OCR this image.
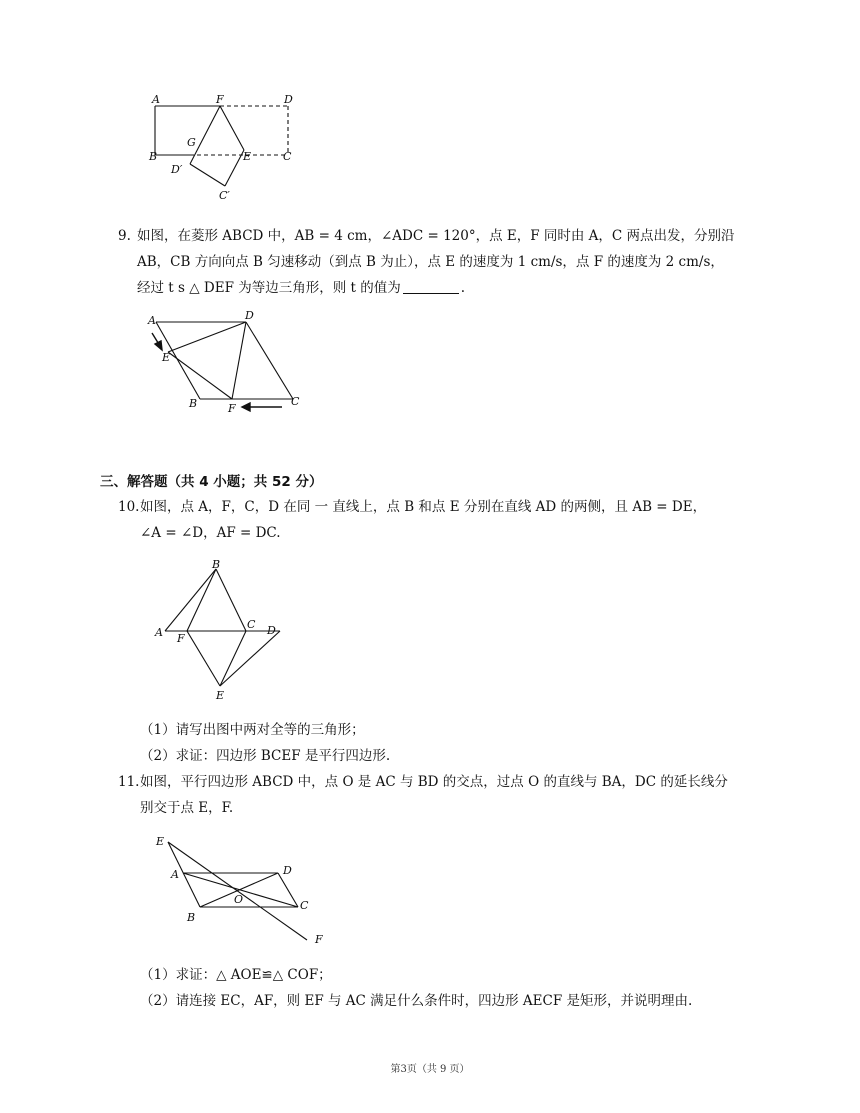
A	F	D
G
B	E	C
D′
C′
9. 如图，在菱形 ABCD 中，AB = 4 cm，∠ADC = 120°，点 E，F 同时由 A，C 两点出发，分别沿
AB，CB 方向向点 B 匀速移动（到点 B 为止），点 E 的速度为 1 cm/s，点 F 的速度为 2 cm/s，
经过 t s △ DEF 为等边三角形，则 t 的值为	.
A	D
E
B	F
C
三、解答题（共 4 小题；共 52 分）
10. 如图，点 A，F，C，D 在同 一 直线上，点 B 和点 E 分别在直线 AD 的两侧，且 AB = DE，
∠A = ∠D，AF = DC.
B
A F
C D
E
（1）请写出图中两对全等的三角形；
（2）求证：四边形 BCEF 是平行四边形.
11. 如图，平行四边形 ABCD 中，点 O 是 AC 与 BD 的交点，过点 O 的直线与 BA，DC 的延长线分
别交于点 E，F.
E
A	D
O	C
B
F
（1）求证：△ AOE≌△ COF；
（2）请连接 EC，AF，则 EF 与 AC 满足什么条件时，四边形 AECF 是矩形，并说明理由.
第3页（共 9 页）
